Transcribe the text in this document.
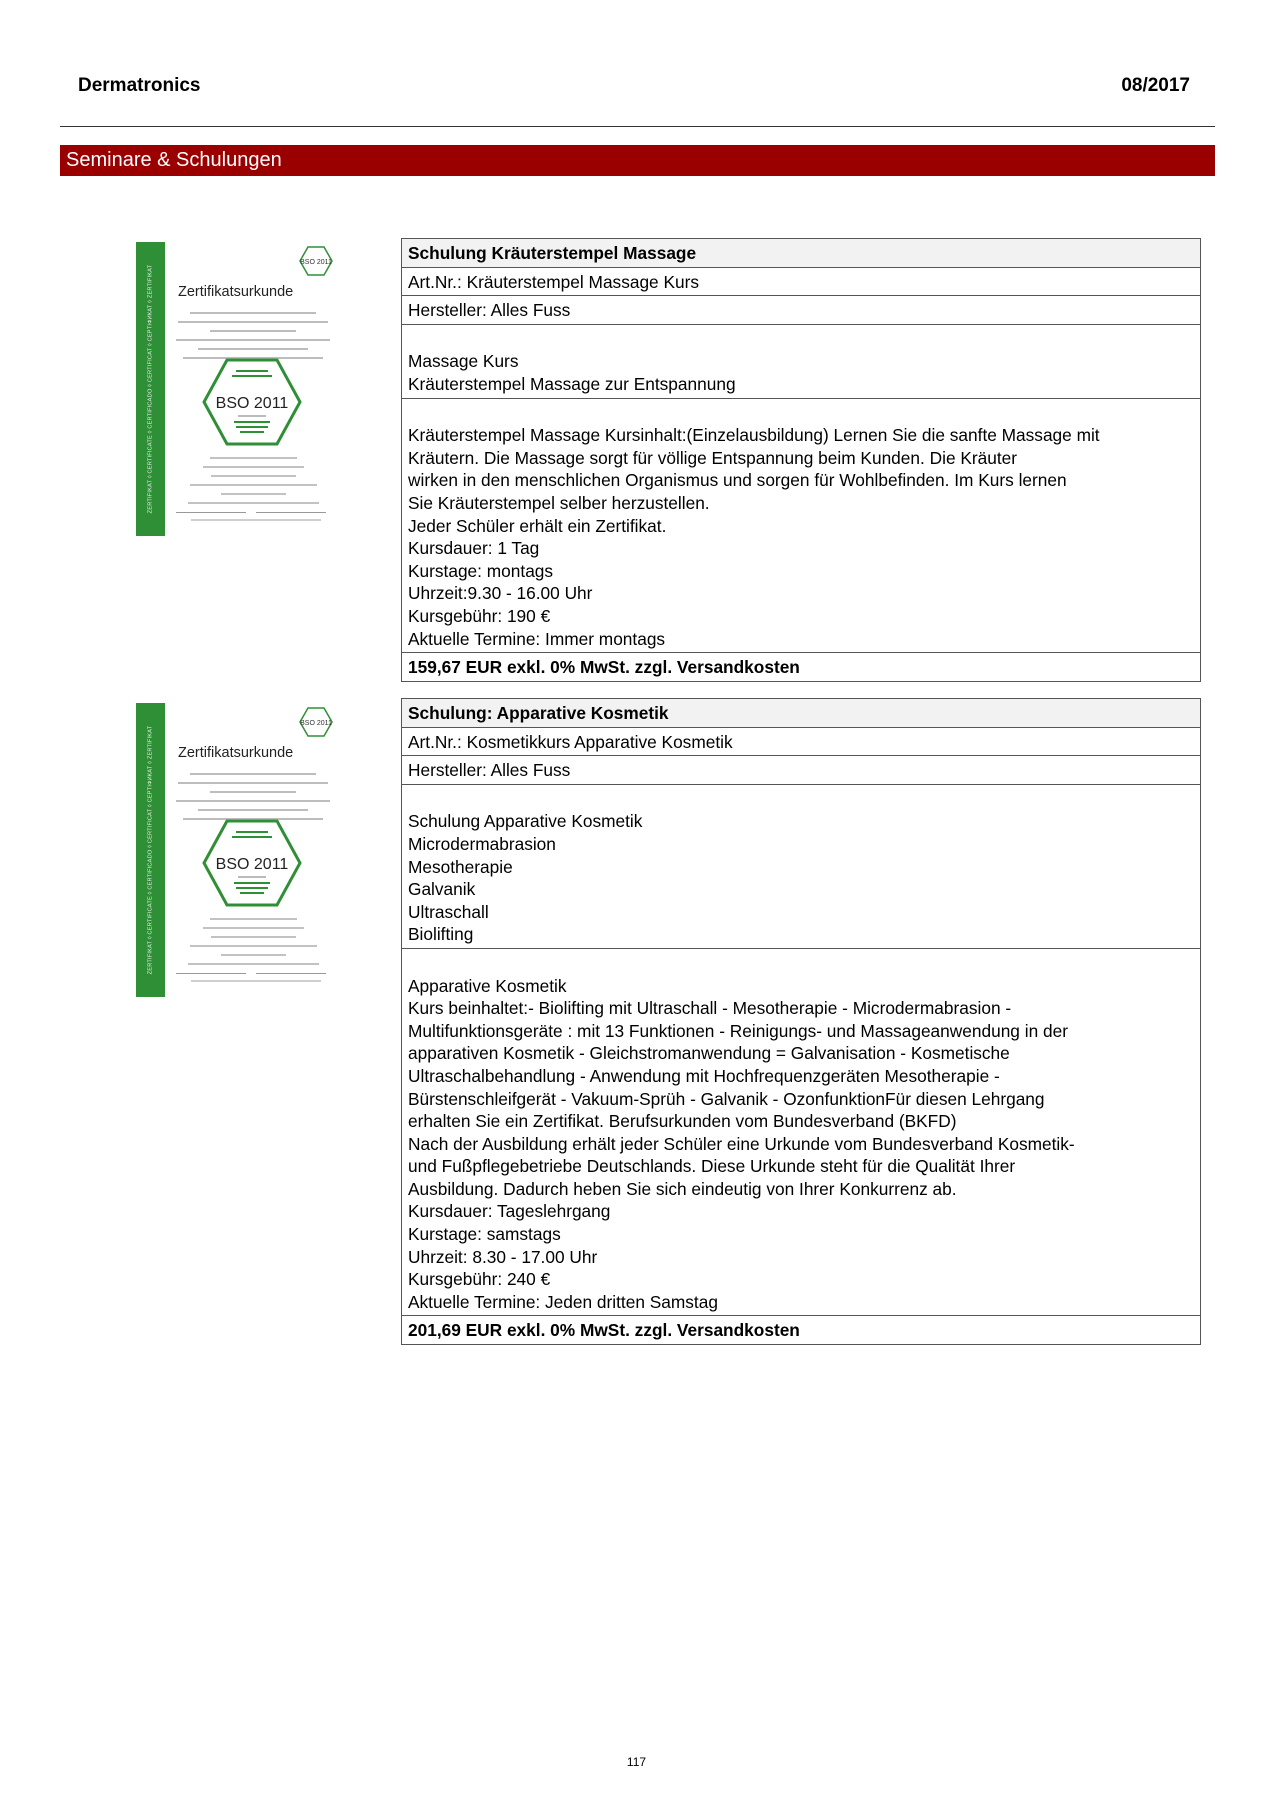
Dermatronics	08/2017
Seminare & Schulungen
ZERTIFIKAT ◊ CERTIFICATE ◊ CERTIFICADO ◊ CERTIFICAT ◊ CEPTIФИКАТ ◊ ZERTIFIKAT
BSO 2011
Zertifikatsurkunde
BSO 2011
Schulung Kräuterstempel Massage
Art.Nr.: Kräuterstempel Massage Kurs
Hersteller: Alles Fuss
Massage Kurs
Kräuterstempel Massage zur Entspannung
Kräuterstempel Massage Kursinhalt:(Einzelausbildung) Lernen Sie die sanfte Massage mit
Kräutern. Die Massage sorgt für völlige Entspannung beim Kunden. Die Kräuter
wirken in den menschlichen Organismus und sorgen für Wohlbefinden. Im Kurs lernen
Sie Kräuterstempel selber herzustellen.
Jeder Schüler erhält ein Zertifikat.
Kursdauer: 1 Tag
Kurstage: montags
Uhrzeit:9.30 - 16.00 Uhr
Kursgebühr: 190 €
Aktuelle Termine: Immer montags
159,67 EUR exkl. 0% MwSt. zzgl. Versandkosten
ZERTIFIKAT ◊ CERTIFICATE ◊ CERTIFICADO ◊ CERTIFICAT ◊ CEPTIФИКАТ ◊ ZERTIFIKAT
BSO 2011
Zertifikatsurkunde
BSO 2011
Schulung: Apparative Kosmetik
Art.Nr.: Kosmetikkurs Apparative Kosmetik
Hersteller: Alles Fuss
Schulung Apparative Kosmetik
Microdermabrasion
Mesotherapie
Galvanik
Ultraschall
Biolifting
Apparative Kosmetik
Kurs beinhaltet:- Biolifting mit Ultraschall - Mesotherapie - Microdermabrasion -
Multifunktionsgeräte : mit 13 Funktionen - Reinigungs- und Massageanwendung in der
apparativen Kosmetik - Gleichstromanwendung = Galvanisation - Kosmetische
Ultraschalbehandlung - Anwendung mit Hochfrequenzgeräten Mesotherapie -
Bürstenschleifgerät - Vakuum-Sprüh - Galvanik - OzonfunktionFür diesen Lehrgang
erhalten Sie ein Zertifikat. Berufsurkunden vom Bundesverband (BKFD)
Nach der Ausbildung erhält jeder Schüler eine Urkunde vom Bundesverband Kosmetik-
und Fußpflegebetriebe Deutschlands. Diese Urkunde steht für die Qualität Ihrer
Ausbildung. Dadurch heben Sie sich eindeutig von Ihrer Konkurrenz ab.
Kursdauer: Tageslehrgang
Kurstage: samstags
Uhrzeit: 8.30 - 17.00 Uhr
Kursgebühr: 240 €
Aktuelle Termine: Jeden dritten Samstag
201,69 EUR exkl. 0% MwSt. zzgl. Versandkosten
117
